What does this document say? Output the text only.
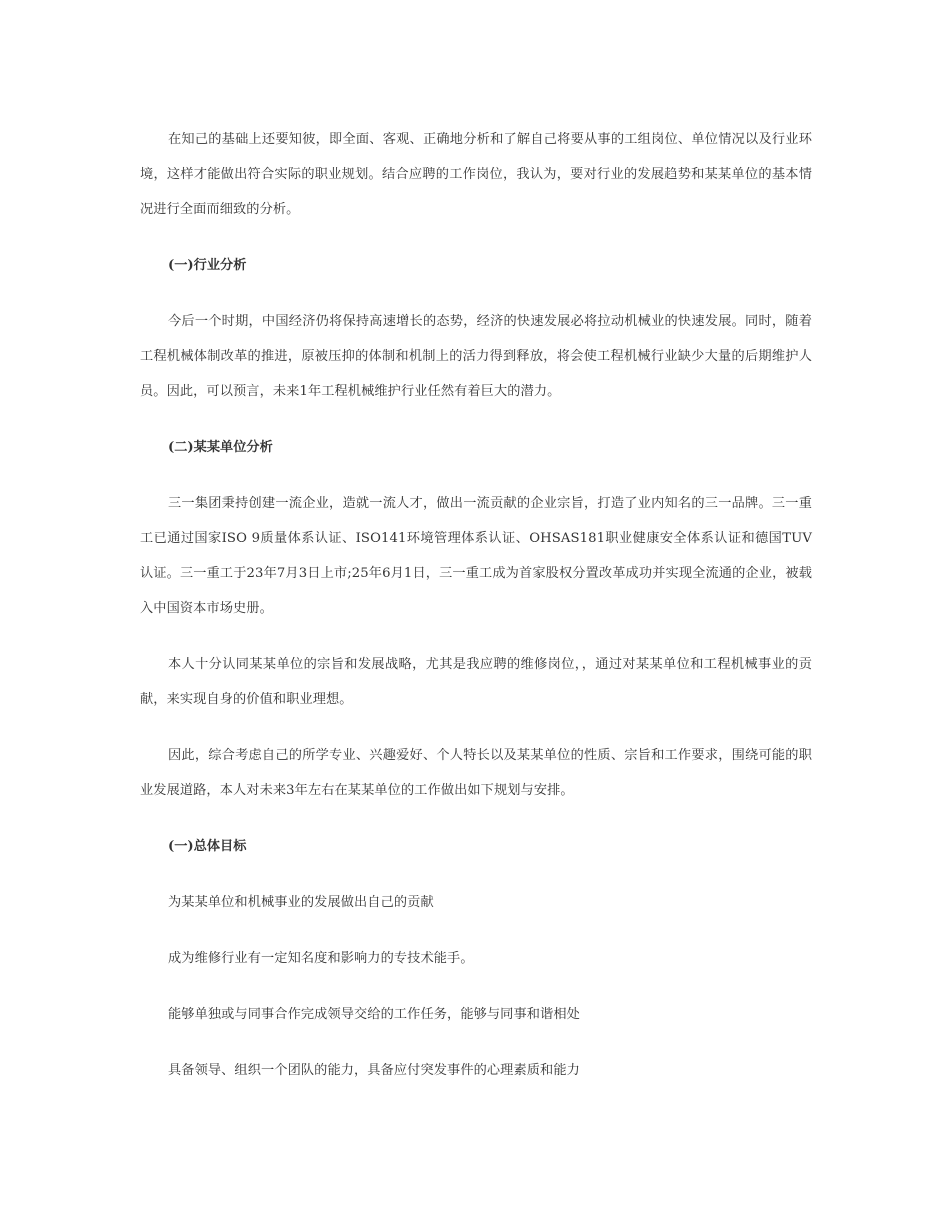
在知己的基础上还要知彼，即全面、客观、正确地分析和了解自己将要从事的工组岗位、单位情况以及行业环境，这样才能做出符合实际的职业规划。结合应聘的工作岗位，我认为，要对行业的发展趋势和某某单位的基本情况进行全面而细致的分析。

(一)行业分析

今后一个时期，中国经济仍将保持高速增长的态势，经济的快速发展必将拉动机械业的快速发展。同时，随着工程机械体制改革的推进，原被压抑的体制和机制上的活力得到释放，将会使工程机械行业缺少大量的后期维护人员。因此，可以预言，未来1年工程机械维护行业任然有着巨大的潜力。

(二)某某单位分析

三一集团秉持创建一流企业，造就一流人才，做出一流贡献的企业宗旨，打造了业内知名的三一品牌。三一重工已通过国家ISO 9质量体系认证、ISO141环境管理体系认证、OHSAS181职业健康安全体系认证和德国TUV认证。三一重工于23年7月3日上市;25年6月1日，三一重工成为首家股权分置改革成功并实现全流通的企业，被载入中国资本市场史册。

本人十分认同某某单位的宗旨和发展战略，尤其是我应聘的维修岗位，，通过对某某单位和工程机械事业的贡献，来实现自身的价值和职业理想。

因此，综合考虑自己的所学专业、兴趣爱好、个人特长以及某某单位的性质、宗旨和工作要求，围绕可能的职业发展道路，本人对未来3年左右在某某单位的工作做出如下规划与安排。

(一)总体目标

为某某单位和机械事业的发展做出自己的贡献

成为维修行业有一定知名度和影响力的专技术能手。

能够单独或与同事合作完成领导交给的工作任务，能够与同事和谐相处

具备领导、组织一个团队的能力，具备应付突发事件的心理素质和能力
